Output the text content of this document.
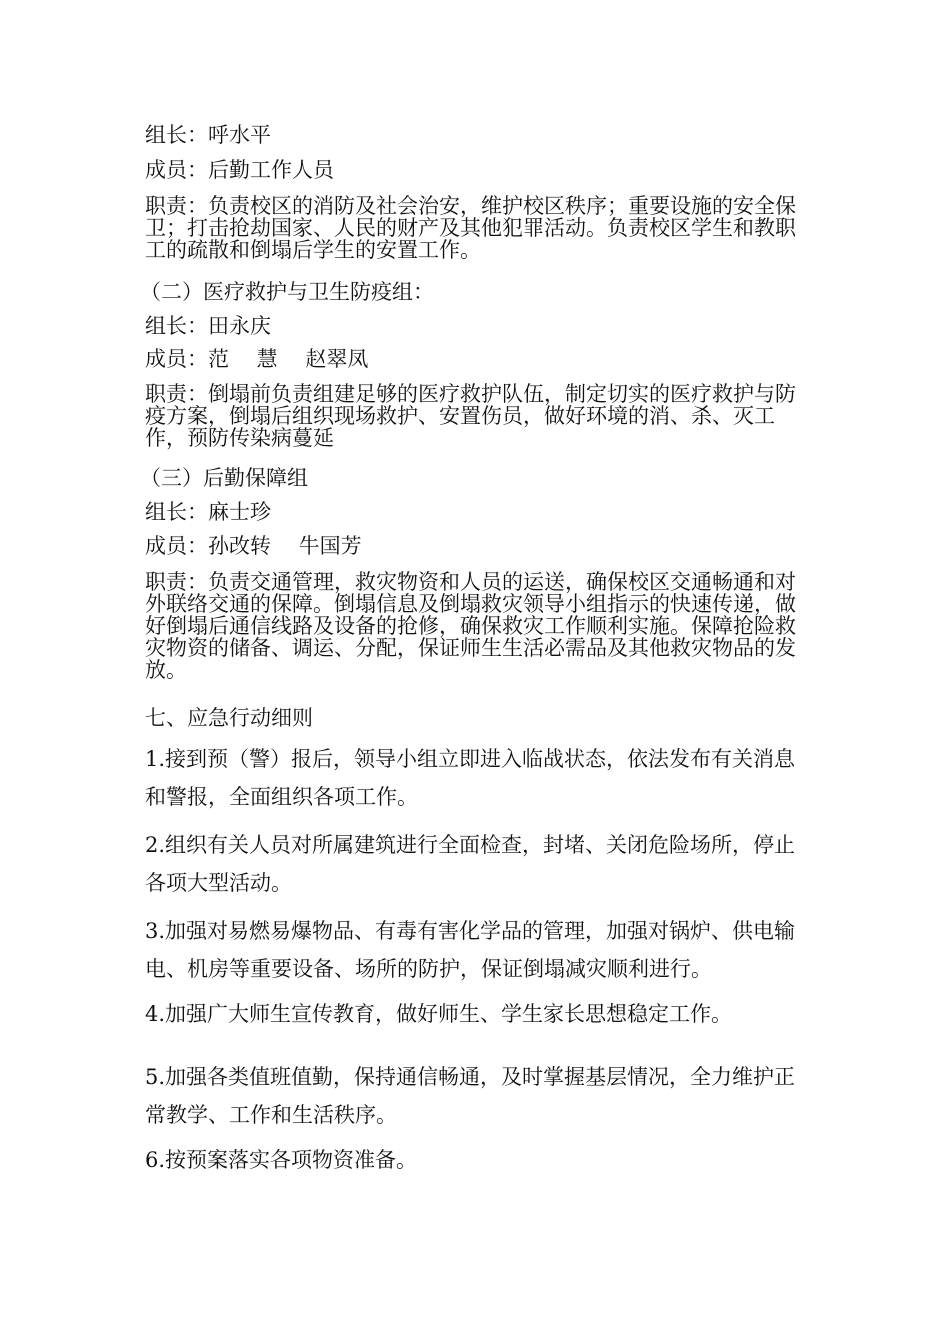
组长：呼水平

成员：后勤工作人员

职责：负责校区的消防及社会治安，维护校区秩序；重要设施的安全保卫；打击抢劫国家、人民的财产及其他犯罪活动。负责校区学生和教职工的疏散和倒塌后学生的安置工作。

（二）医疗救护与卫生防疫组：

组长：田永庆

成员：范　 慧　 赵翠凤

职责：倒塌前负责组建足够的医疗救护队伍，制定切实的医疗救护与防疫方案，倒塌后组织现场救护、安置伤员，做好环境的消、杀、灭工作，预防传染病蔓延

（三）后勤保障组

组长：麻士珍

成员：孙改转　 牛国芳

职责：负责交通管理，救灾物资和人员的运送，确保校区交通畅通和对外联络交通的保障。倒塌信息及倒塌救灾领导小组指示的快速传递，做好倒塌后通信线路及设备的抢修，确保救灾工作顺利实施。保障抢险救灾物资的储备、调运、分配，保证师生生活必需品及其他救灾物品的发放。

七、应急行动细则

1.接到预（警）报后，领导小组立即进入临战状态，依法发布有关消息和警报，全面组织各项工作。

2.组织有关人员对所属建筑进行全面检查，封堵、关闭危险场所，停止各项大型活动。

3.加强对易燃易爆物品、有毒有害化学品的管理，加强对锅炉、供电输电、机房等重要设备、场所的防护，保证倒塌减灾顺利进行。

4.加强广大师生宣传教育，做好师生、学生家长思想稳定工作。

5.加强各类值班值勤，保持通信畅通，及时掌握基层情况，全力维护正常教学、工作和生活秩序。

6.按预案落实各项物资准备。
